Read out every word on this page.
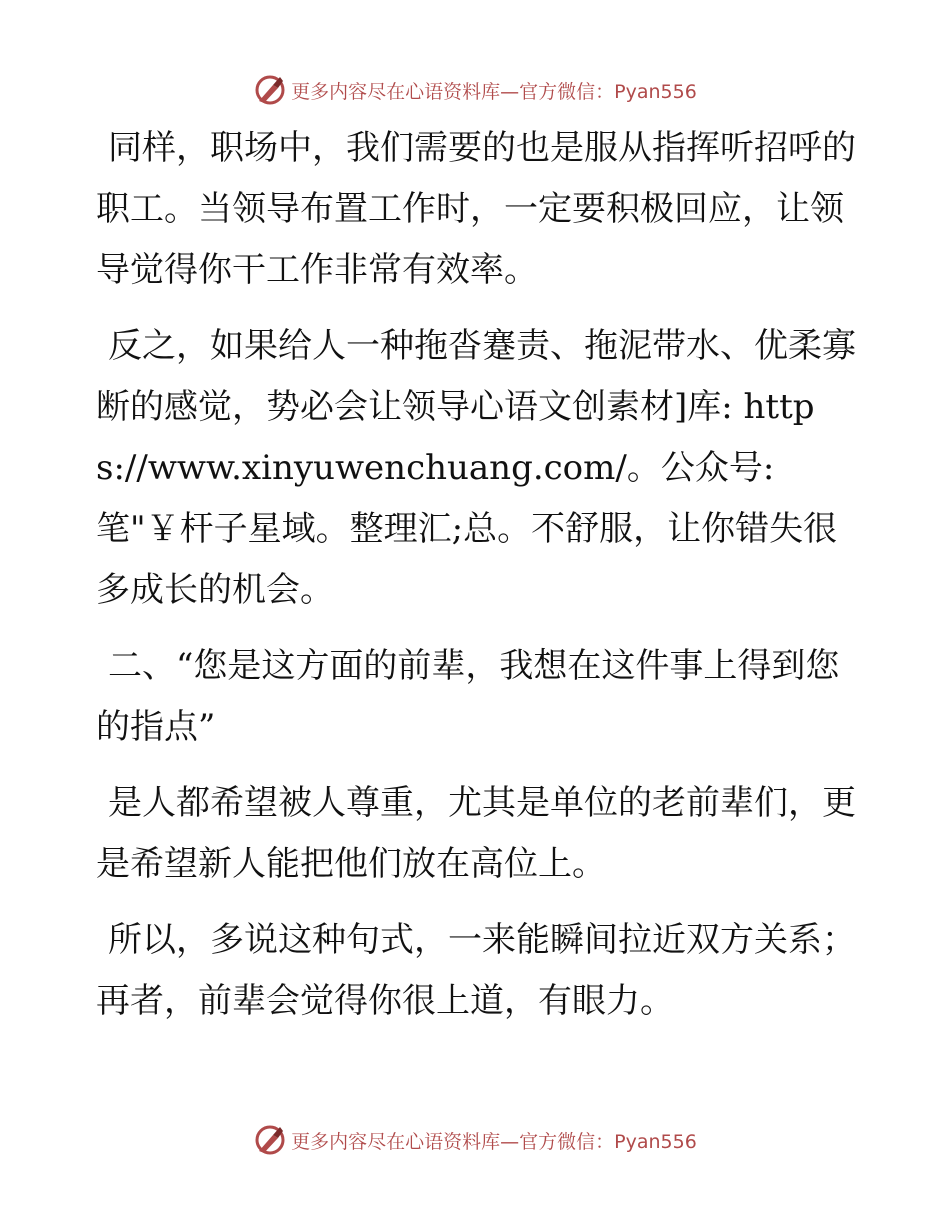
更多内容尽在心语资料库—官方微信：Pyan556

同样，职场中，我们需要的也是服从指挥听招呼的职工。当领导布置工作时，一定要积极回应，让领导觉得你干工作非常有效率。

反之，如果给人一种拖沓蹇责、拖泥带水、优柔寡断的感觉，势必会让领导心语文创素材]库: https://www.xinyuwenchuang.com/。公众号:笔"￥杆子星域。整理汇;总。不舒服，让你错失很多成长的机会。

二、“您是这方面的前辈，我想在这件事上得到您的指点”

是人都希望被人尊重，尤其是单位的老前辈们，更是希望新人能把他们放在高位上。

所以，多说这种句式，一来能瞬间拉近双方关系；再者，前辈会觉得你很上道，有眼力。

更多内容尽在心语资料库—官方微信：Pyan556
